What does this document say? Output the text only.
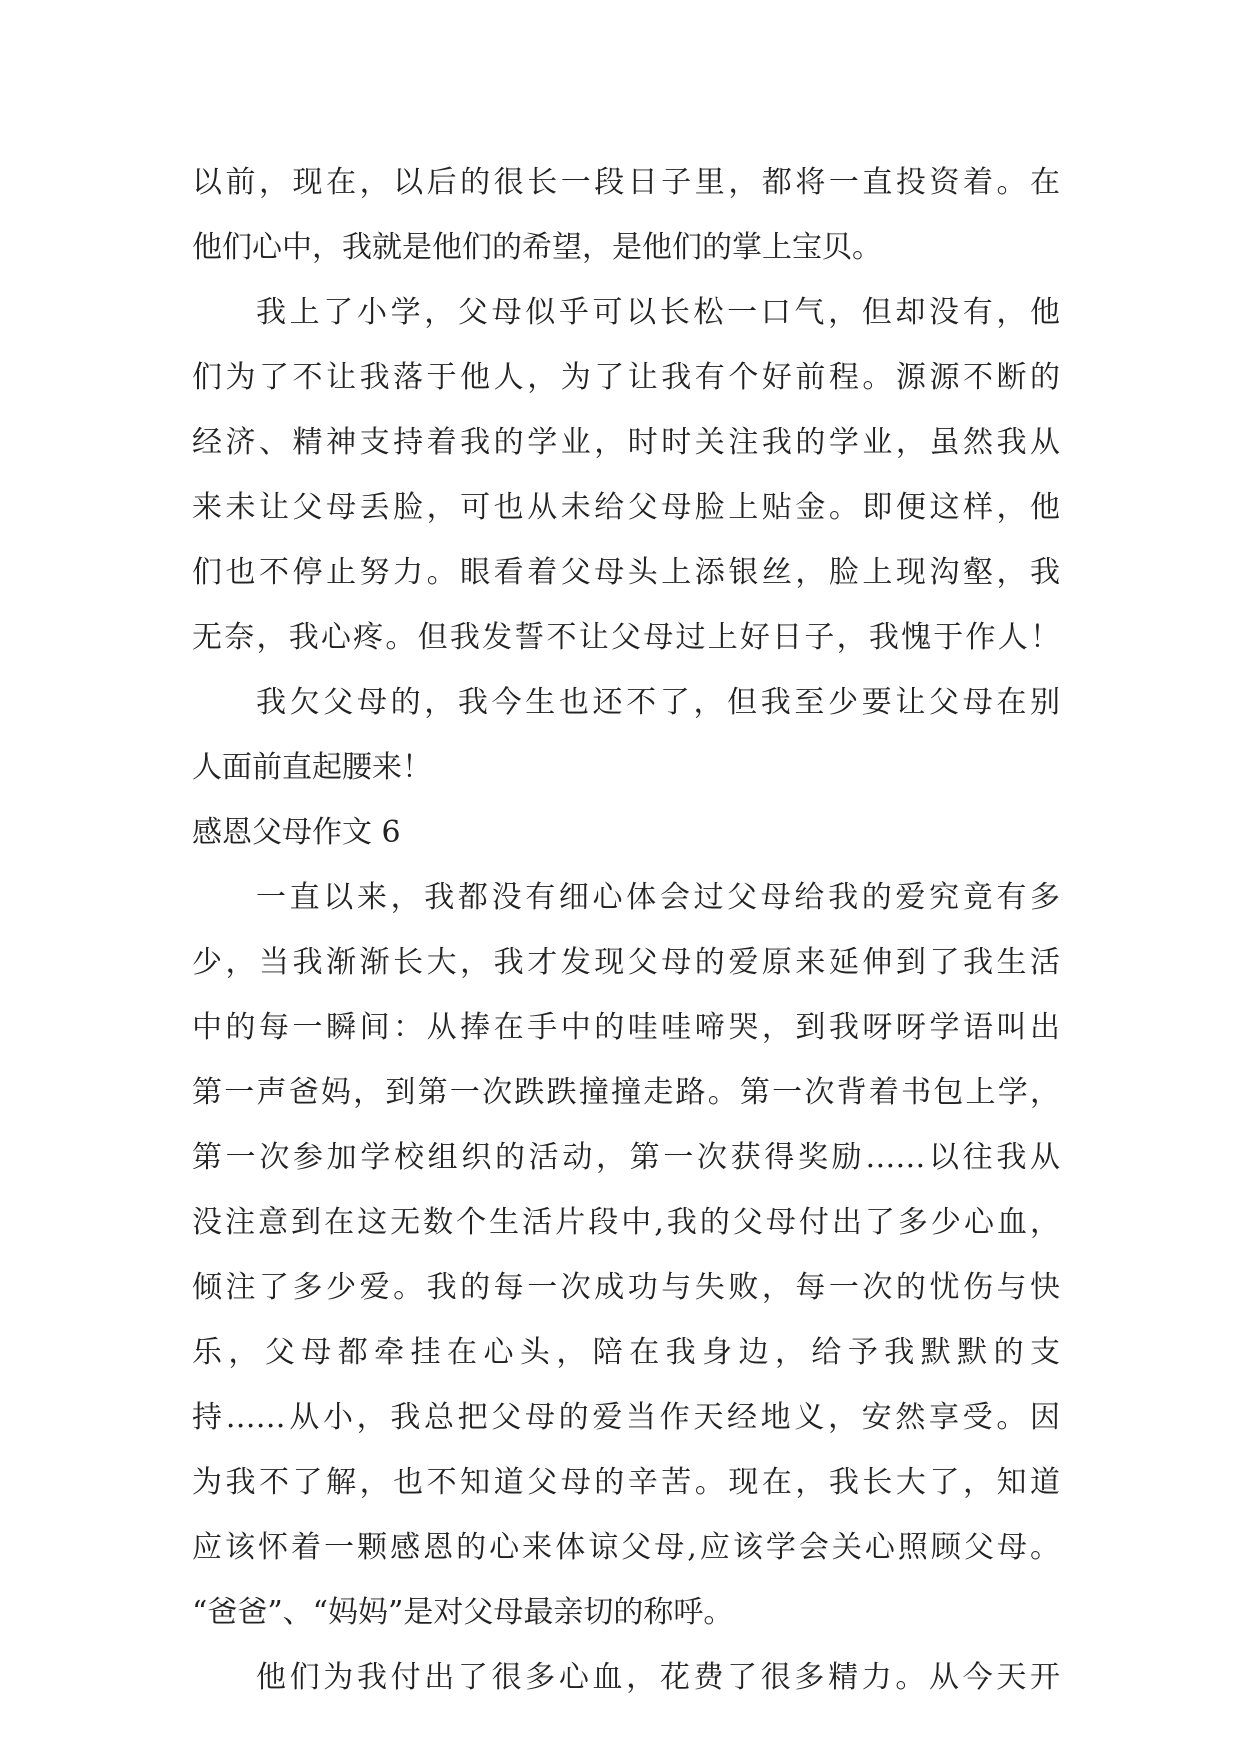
以前，现在，以后的很长一段日子里，都将一直投资着。在
他们心中，我就是他们的希望，是他们的掌上宝贝。
我上了小学，父母似乎可以长松一口气，但却没有，他
们为了不让我落于他人，为了让我有个好前程。源源不断的
经济、精神支持着我的学业，时时关注我的学业，虽然我从
来未让父母丢脸，可也从未给父母脸上贴金。即便这样，他
们也不停止努力。眼看着父母头上添银丝，脸上现沟壑，我
无奈，我心疼。但我发誓不让父母过上好日子，我愧于作人！
我欠父母的，我今生也还不了，但我至少要让父母在别
人面前直起腰来！
感恩父母作文 6
一直以来，我都没有细心体会过父母给我的爱究竟有多
少，当我渐渐长大，我才发现父母的爱原来延伸到了我生活
中的每一瞬间：从捧在手中的哇哇啼哭，到我呀呀学语叫出
第一声爸妈，到第一次跌跌撞撞走路。第一次背着书包上学，
第一次参加学校组织的活动，第一次获得奖励……以往我从
没注意到在这无数个生活片段中,我的父母付出了多少心血，
倾注了多少爱。我的每一次成功与失败，每一次的忧伤与快
乐，父母都牵挂在心头，陪在我身边，给予我默默的支
持……从小，我总把父母的爱当作天经地义，安然享受。因
为我不了解，也不知道父母的辛苦。现在，我长大了，知道
应该怀着一颗感恩的心来体谅父母,应该学会关心照顾父母。
“爸爸”、“妈妈”是对父母最亲切的称呼。
他们为我付出了很多心血，花费了很多精力。从今天开
